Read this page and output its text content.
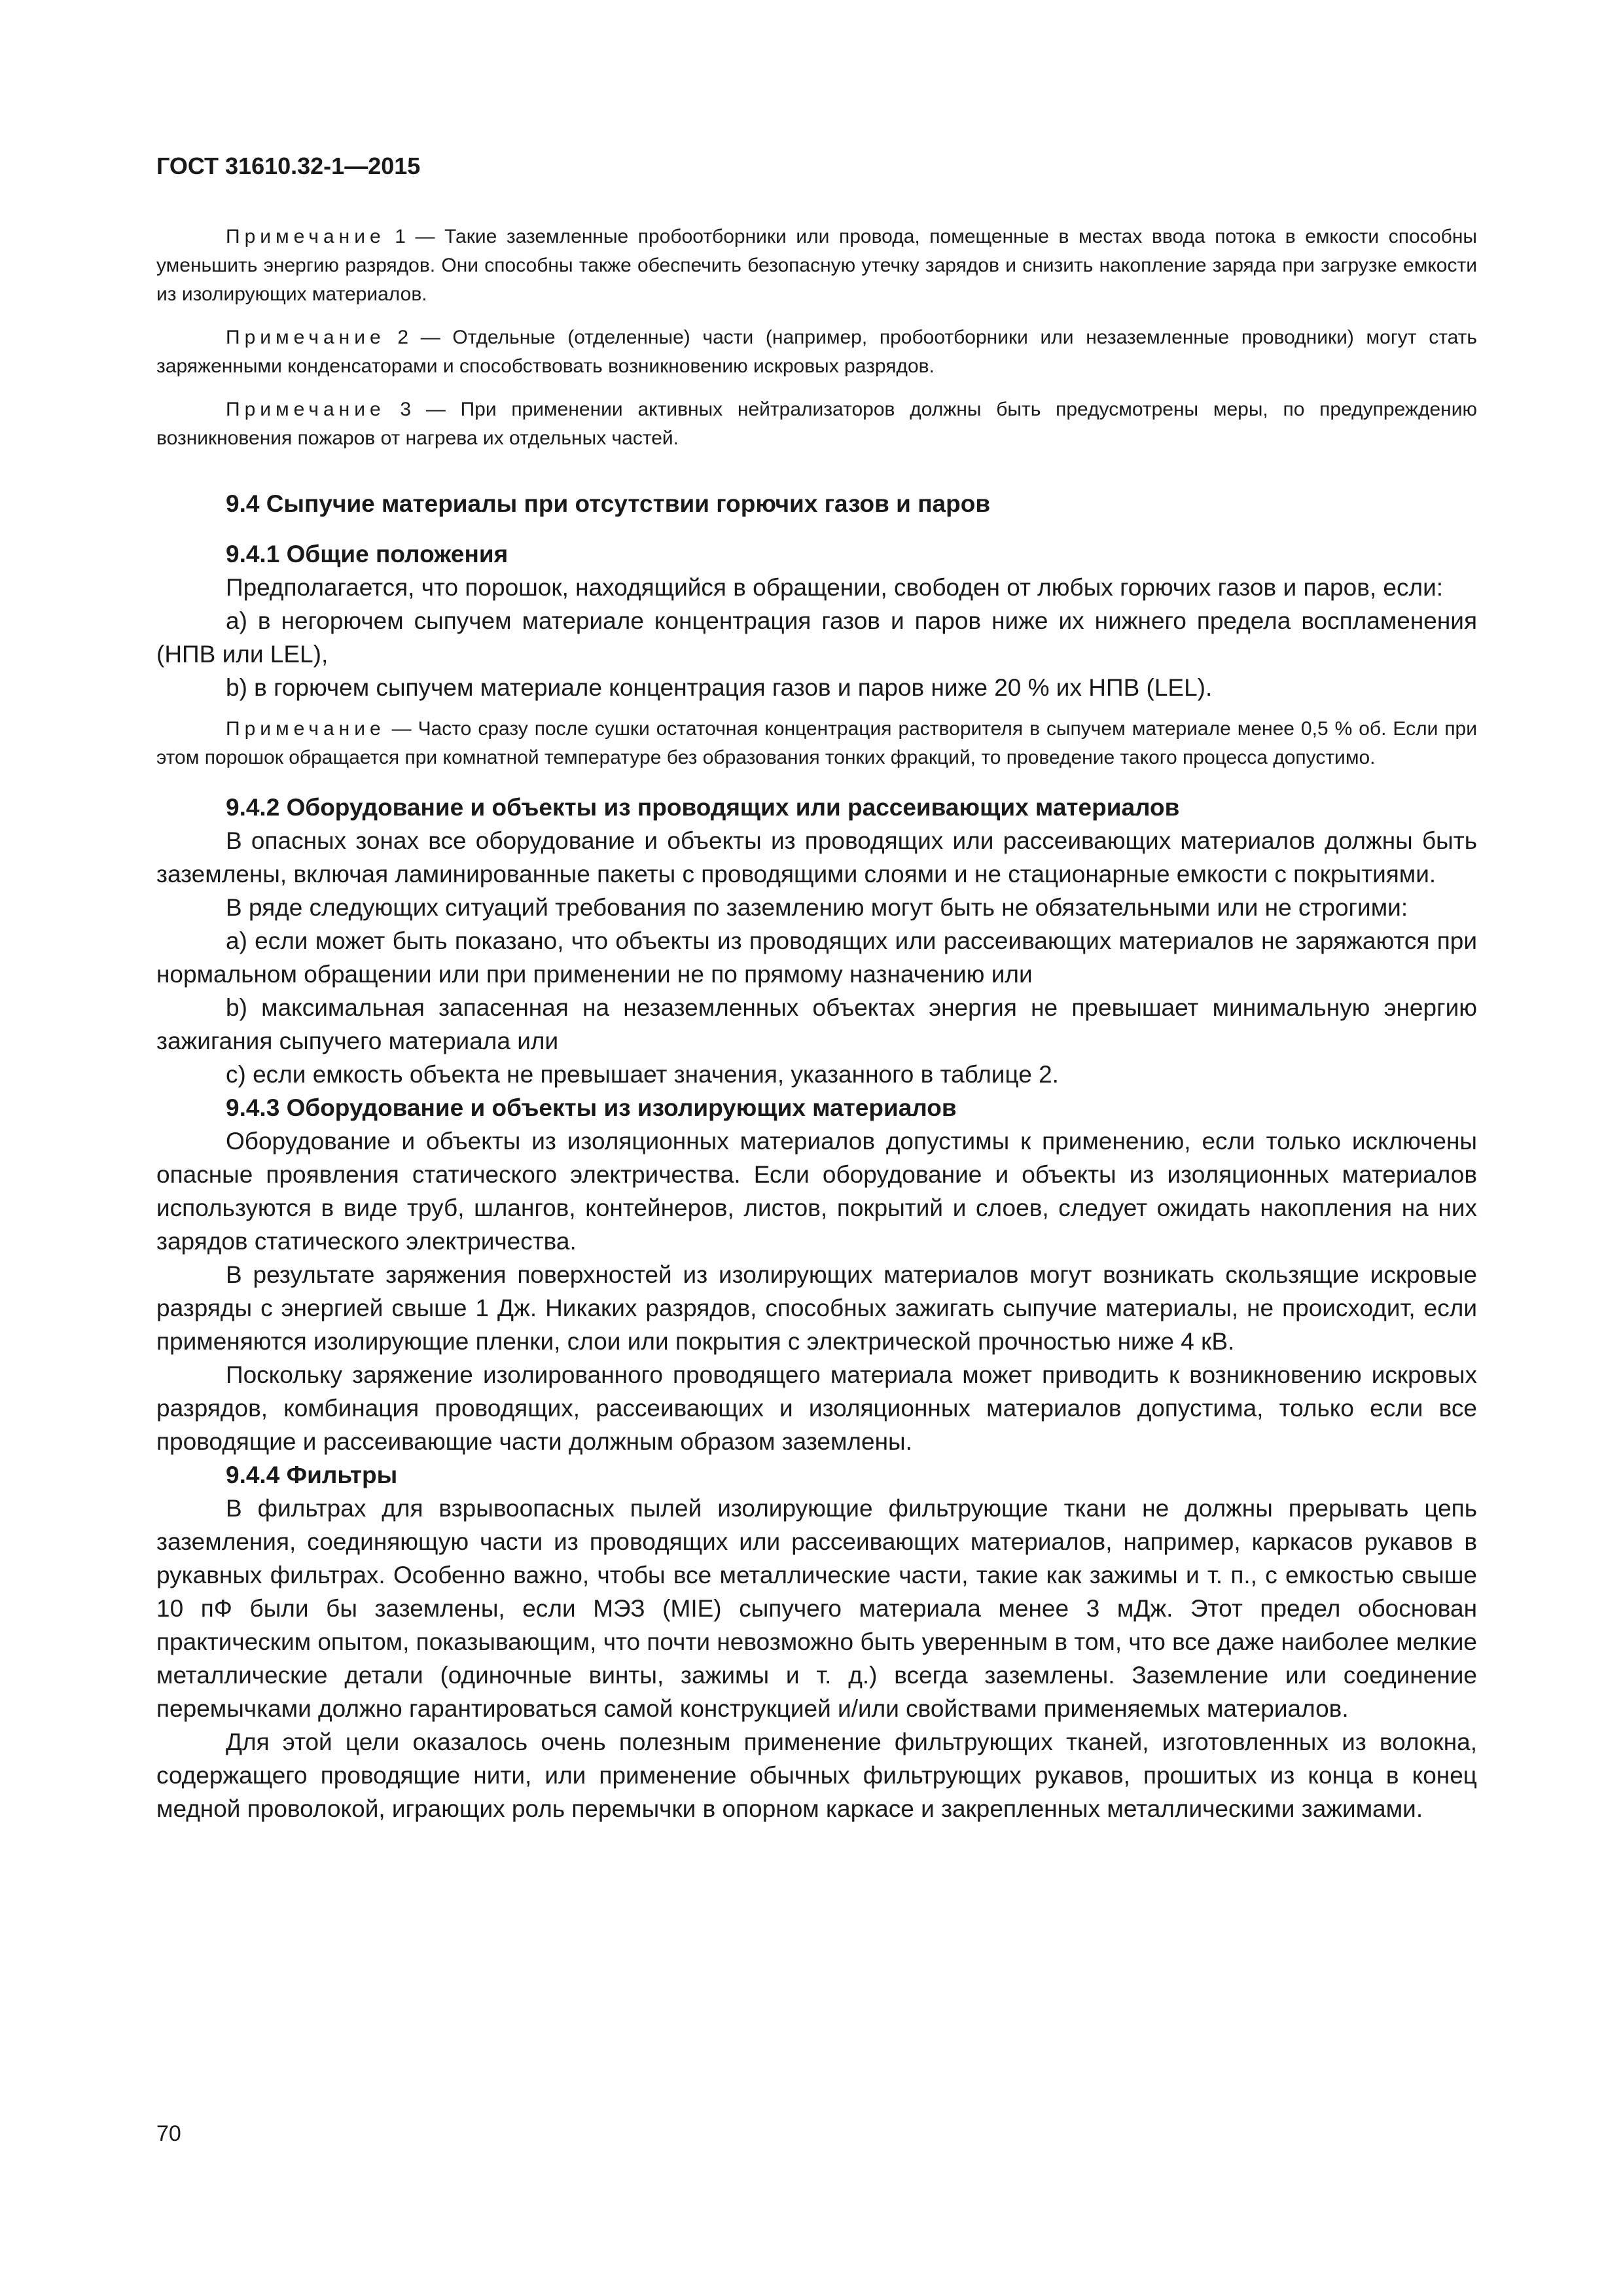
ГОСТ 31610.32-1—2015

Примечание 1 — Такие заземленные пробоотборники или провода, помещенные в местах ввода потока в емкости способны уменьшить энергию разрядов. Они способны также обеспечить безопасную утечку зарядов и снизить накопление заряда при загрузке емкости из изолирующих материалов.

Примечание 2 — Отдельные (отделенные) части (например, пробоотборники или незаземленные проводники) могут стать заряженными конденсаторами и способствовать возникновению искровых разрядов.

Примечание 3 — При применении активных нейтрализаторов должны быть предусмотрены меры, по предупреждению возникновения пожаров от нагрева их отдельных частей.

9.4 Сыпучие материалы при отсутствии горючих газов и паров

9.4.1 Общие положения

Предполагается, что порошок, находящийся в обращении, свободен от любых горючих газов и паров, если:

a) в негорючем сыпучем материале концентрация газов и паров ниже их нижнего предела воспламенения (НПВ или LEL),

b) в горючем сыпучем материале концентрация газов и паров ниже 20 % их НПВ (LEL).

Примечание — Часто сразу после сушки остаточная концентрация растворителя в сыпучем материале менее 0,5 % об. Если при этом порошок обращается при комнатной температуре без образования тонких фракций, то проведение такого процесса допустимо.

9.4.2 Оборудование и объекты из проводящих или рассеивающих материалов

В опасных зонах все оборудование и объекты из проводящих или рассеивающих материалов должны быть заземлены, включая ламинированные пакеты с проводящими слоями и не стационарные емкости с покрытиями.

В ряде следующих ситуаций требования по заземлению могут быть не обязательными или не строгими:

a) если может быть показано, что объекты из проводящих или рассеивающих материалов не заряжаются при нормальном обращении или при применении не по прямому назначению или

b) максимальная запасенная на незаземленных объектах энергия не превышает минимальную энергию зажигания сыпучего материала или

c) если емкость объекта не превышает значения, указанного в таблице 2.

9.4.3 Оборудование и объекты из изолирующих материалов

Оборудование и объекты из изоляционных материалов допустимы к применению, если только исключены опасные проявления статического электричества. Если оборудование и объекты из изоляционных материалов используются в виде труб, шлангов, контейнеров, листов, покрытий и слоев, следует ожидать накопления на них зарядов статического электричества.

В результате заряжения поверхностей из изолирующих материалов могут возникать скользящие искровые разряды с энергией свыше 1 Дж. Никаких разрядов, способных зажигать сыпучие материалы, не происходит, если применяются изолирующие пленки, слои или покрытия с электрической прочностью ниже 4 кВ.

Поскольку заряжение изолированного проводящего материала может приводить к возникновению искровых разрядов, комбинация проводящих, рассеивающих и изоляционных материалов допустима, только если все проводящие и рассеивающие части должным образом заземлены.

9.4.4 Фильтры

В фильтрах для взрывоопасных пылей изолирующие фильтрующие ткани не должны прерывать цепь заземления, соединяющую части из проводящих или рассеивающих материалов, например, каркасов рукавов в рукавных фильтрах. Особенно важно, чтобы все металлические части, такие как зажимы и т. п., с емкостью свыше 10 пФ были бы заземлены, если МЭЗ (MIE) сыпучего материала менее 3 мДж. Этот предел обоснован практическим опытом, показывающим, что почти невозможно быть уверенным в том, что все даже наиболее мелкие металлические детали (одиночные винты, зажимы и т. д.) всегда заземлены. Заземление или соединение перемычками должно гарантироваться самой конструкцией и/или свойствами применяемых материалов.

Для этой цели оказалось очень полезным применение фильтрующих тканей, изготовленных из волокна, содержащего проводящие нити, или применение обычных фильтрующих рукавов, прошитых из конца в конец медной проволокой, играющих роль перемычки в опорном каркасе и закрепленных металлическими зажимами.

70
